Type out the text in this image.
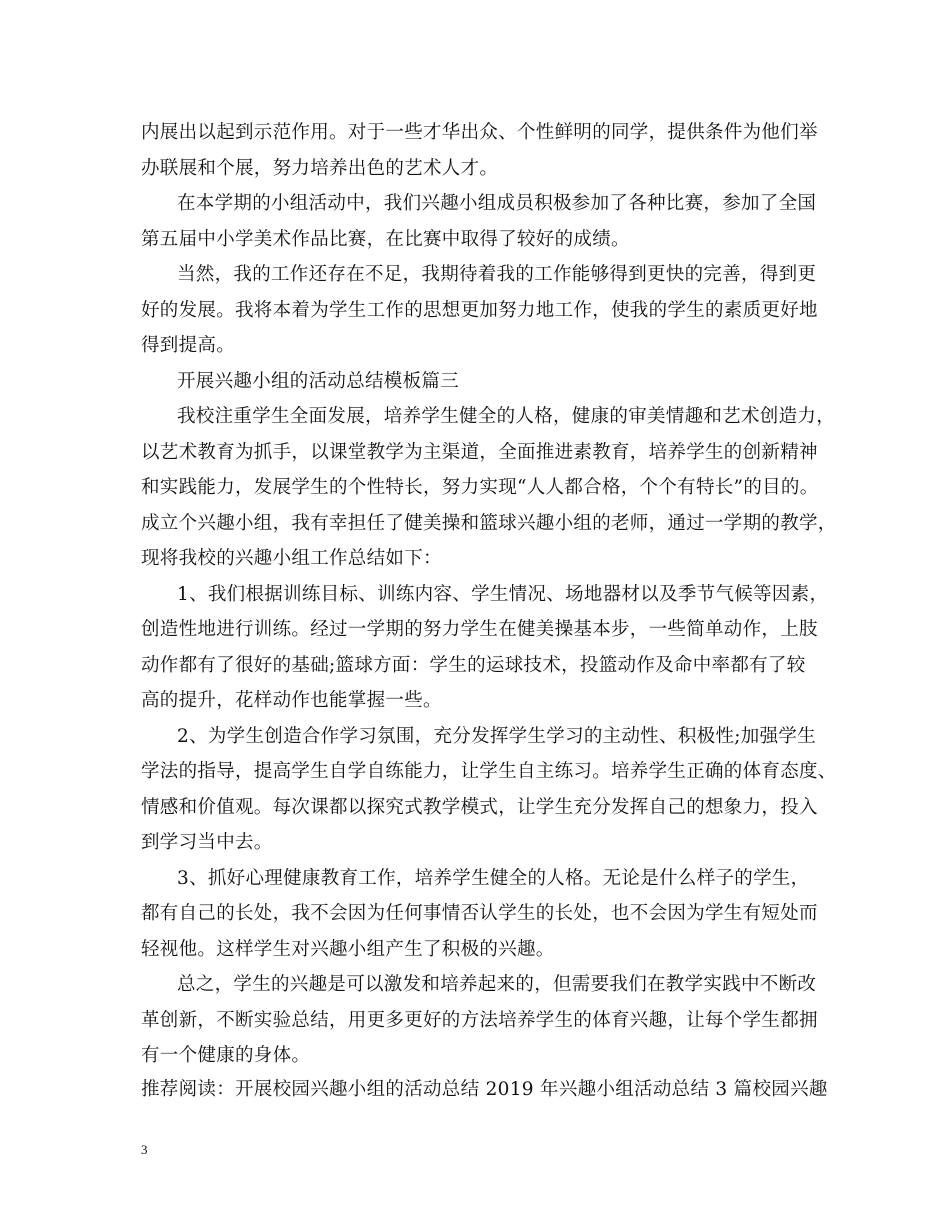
内展出以起到示范作用。对于一些才华出众、个性鲜明的同学，提供条件为他们举
办联展和个展，努力培养出色的艺术人才。
在本学期的小组活动中，我们兴趣小组成员积极参加了各种比赛，参加了全国
第五届中小学美术作品比赛，在比赛中取得了较好的成绩。
当然，我的工作还存在不足，我期待着我的工作能够得到更快的完善，得到更
好的发展。我将本着为学生工作的思想更加努力地工作，使我的学生的素质更好地
得到提高。
开展兴趣小组的活动总结模板篇三
我校注重学生全面发展，培养学生健全的人格，健康的审美情趣和艺术创造力，
以艺术教育为抓手，以课堂教学为主渠道，全面推进素教育，培养学生的创新精神
和实践能力，发展学生的个性特长，努力实现“人人都合格，个个有特长”的目的。
成立个兴趣小组，我有幸担任了健美操和篮球兴趣小组的老师，通过一学期的教学，
现将我校的兴趣小组工作总结如下：
1、我们根据训练目标、训练内容、学生情况、场地器材以及季节气候等因素，
创造性地进行训练。经过一学期的努力学生在健美操基本步，一些简单动作，上肢
动作都有了很好的基础;篮球方面：学生的运球技术，投篮动作及命中率都有了较
高的提升，花样动作也能掌握一些。
2、为学生创造合作学习氛围，充分发挥学生学习的主动性、积极性;加强学生
学法的指导，提高学生自学自练能力，让学生自主练习。培养学生正确的体育态度、
情感和价值观。每次课都以探究式教学模式，让学生充分发挥自己的想象力，投入
到学习当中去。
3、抓好心理健康教育工作，培养学生健全的人格。无论是什么样子的学生，
都有自己的长处，我不会因为任何事情否认学生的长处，也不会因为学生有短处而
轻视他。这样学生对兴趣小组产生了积极的兴趣。
总之，学生的兴趣是可以激发和培养起来的，但需要我们在教学实践中不断改
革创新，不断实验总结，用更多更好的方法培养学生的体育兴趣，让每个学生都拥
有一个健康的身体。
推荐阅读：开展校园兴趣小组的活动总结 2019 年兴趣小组活动总结 3 篇校园兴趣
3
